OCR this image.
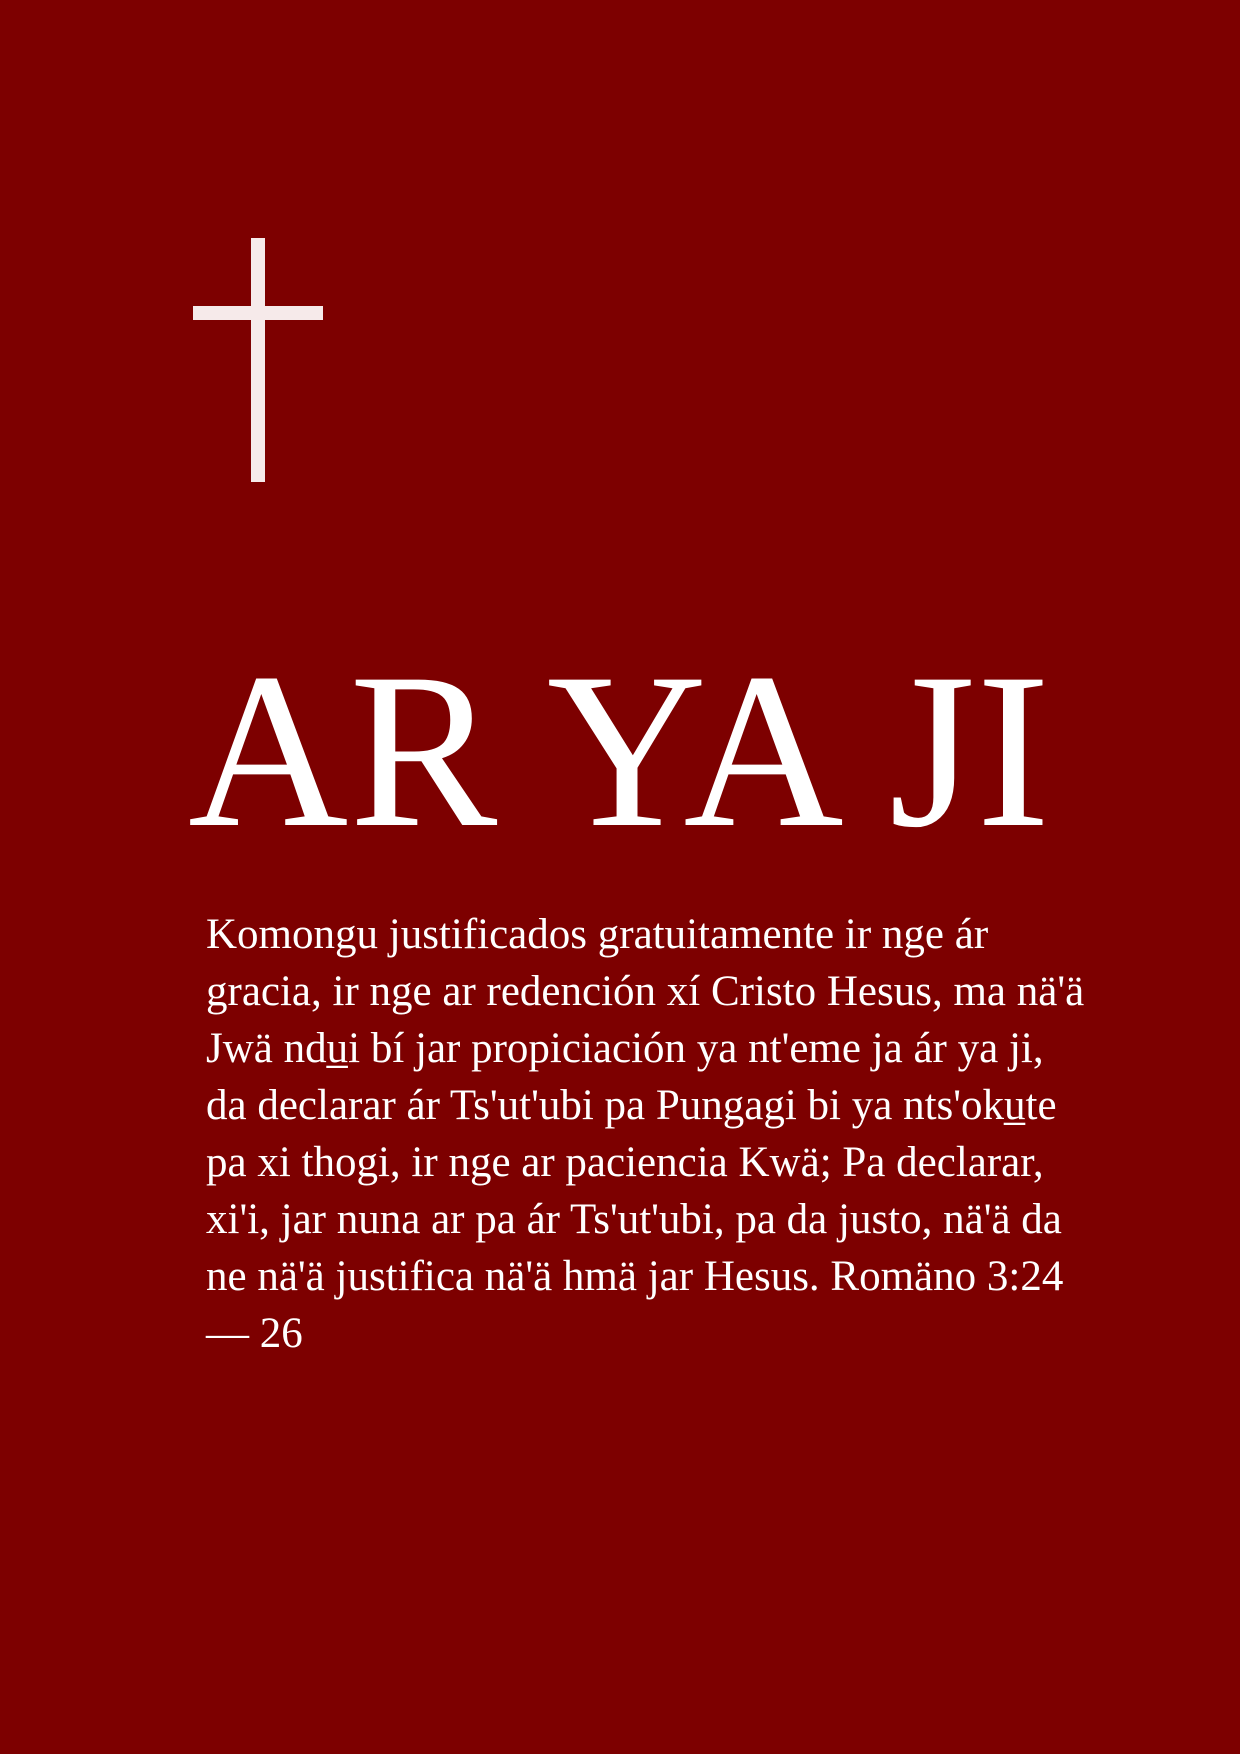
AR YA JI

Komongu justificados gratuitamente ir nge ár gracia, ir nge ar redención xí Cristo Hesus, ma nä'ä Jwä ndu̲i bí jar propiciación ya nt'eme ja ár ya ji, da declarar ár Ts'ut'ubi pa Pungagi bi ya nts'oku̲te pa xi thogi, ir nge ar paciencia Kwä; Pa declarar, xi'i, jar nuna ar pa ár Ts'ut'ubi, pa da justo, nä'ä da ne nä'ä justifica nä'ä hmä jar Hesus. Romäno 3:24 — 26
